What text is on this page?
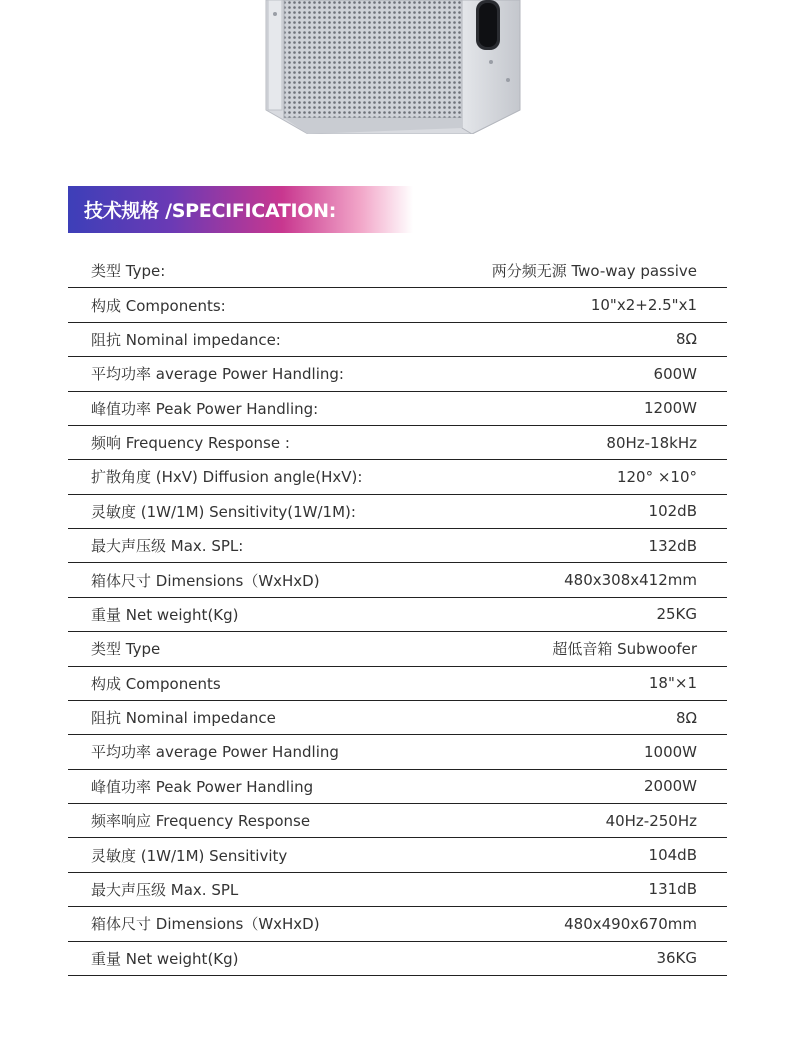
技术规格 /SPECIFICATION:
类型 Type:	两分频无源 Two-way passive
构成 Components:	10"x2+2.5"x1
阻抗 Nominal impedance:	8Ω
平均功率 average Power Handling:	600W
峰值功率 Peak Power Handling:	1200W
频响 Frequency Response :	80Hz-18kHz
扩散角度 (HxV) Diffusion angle(HxV):	120° ×10°
灵敏度 (1W/1M) Sensitivity(1W/1M):	102dB
最大声压级 Max. SPL:	132dB
箱体尺寸 Dimensions（WxHxD)	480x308x412mm
重量 Net weight(Kg)	25KG
类型 Type	超低音箱 Subwoofer
构成 Components	18"×1
阻抗 Nominal impedance	8Ω
平均功率 average Power Handling	1000W
峰值功率 Peak Power Handling	2000W
频率响应 Frequency Response	40Hz-250Hz
灵敏度 (1W/1M) Sensitivity	104dB
最大声压级 Max. SPL	131dB
箱体尺寸 Dimensions（WxHxD)	480x490x670mm
重量 Net weight(Kg)	36KG
